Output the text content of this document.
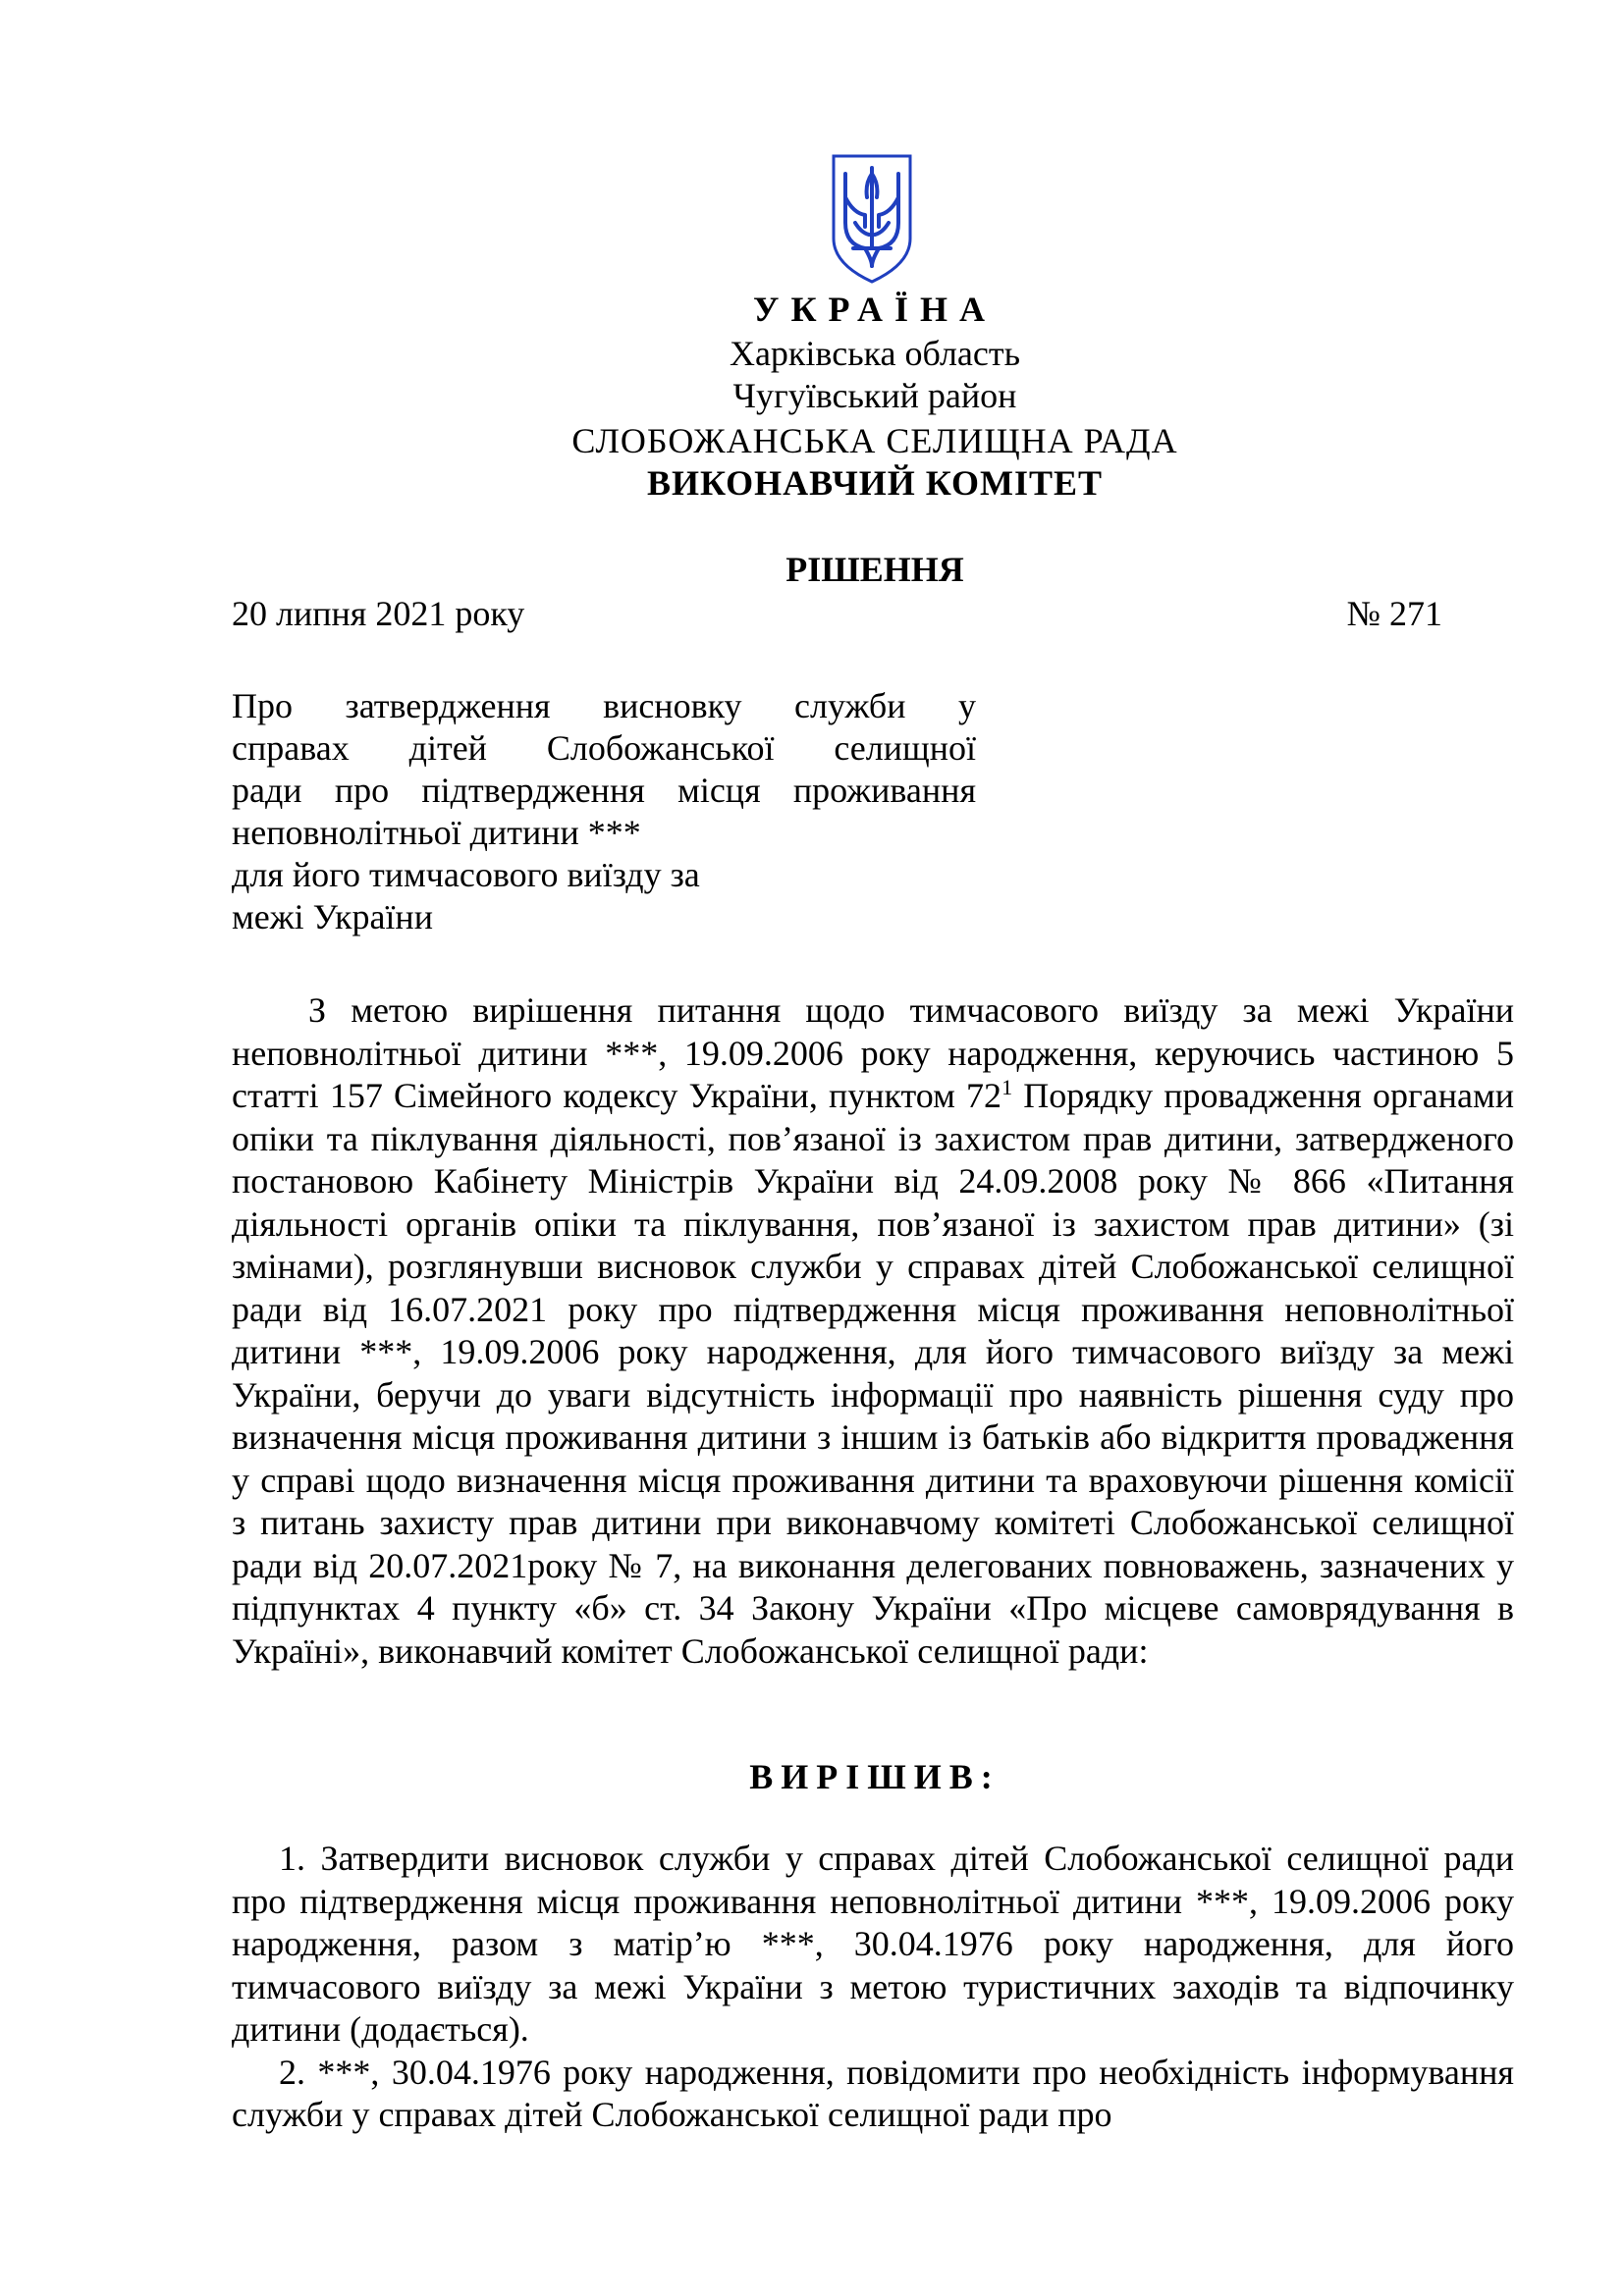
УКРАЇНА
Харківська область
Чугуївський район
СЛОБОЖАНСЬКА СЕЛИЩНА РАДА
ВИКОНАВЧИЙ КОМІТЕТ
РІШЕННЯ
20 липня 2021 року	№ 271
Про затвердження висновку служби у
справах дітей Слобожанської селищної
ради про підтвердження місця проживання
неповнолітньої дитини ***
для його тимчасового виїзду за
межі України

З метою вирішення питання щодо тимчасового виїзду за межі України неповнолітньої дитини ***, 19.09.2006 року народження, керуючись частиною 5 статті 157 Сімейного кодексу України, пунктом $72^1$ Порядку провадження органами опіки та піклування діяльності, пов’язаної із захистом прав дитини, затвердженого постановою Кабінету Міністрів України від 24.09.2008 року № 866 «Питання діяльності органів опіки та піклування, пов’язаної із захистом прав дитини» (зі змінами), розглянувши висновок служби у справах дітей Слобожанської селищної ради від 16.07.2021 року про підтвердження місця проживання неповнолітньої дитини ***, 19.09.2006 року народження, для його тимчасового виїзду за межі України, беручи до уваги відсутність інформації про наявність рішення суду про визначення місця проживання дитини з іншим із батьків або відкриття провадження у справі щодо визначення місця проживання дитини та враховуючи рішення комісії з питань захисту прав дитини при виконавчому комітеті Слобожанської селищної ради від 20.07.2021року № 7, на виконання делегованих повноважень, зазначених у підпунктах 4 пункту «б» ст. 34 Закону України «Про місцеве самоврядування в Україні», виконавчий комітет Слобожанської селищної ради:

ВИРІШИВ:

1. Затвердити висновок служби у справах дітей Слобожанської селищної ради про підтвердження місця проживання неповнолітньої дитини ***, 19.09.2006 року народження, разом з матір’ю ***, 30.04.1976 року народження, для його тимчасового виїзду за межі України з метою туристичних заходів та відпочинку дитини (додається).

2. ***, 30.04.1976 року народження, повідомити про необхідність інформування служби у справах дітей Слобожанської селищної ради про
